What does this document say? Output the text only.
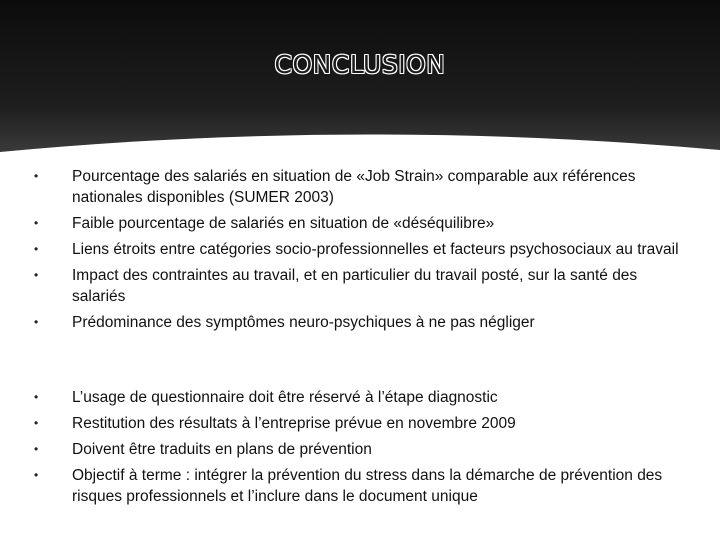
CONCLUSION
• Pourcentage des salariés en situation de «Job Strain» comparable aux références nationales disponibles (SUMER 2003)
• Faible pourcentage de salariés en situation de «déséquilibre»
• Liens étroits entre catégories socio-professionnelles et facteurs psychosociaux au travail
• Impact des contraintes au travail, et en particulier du travail posté, sur la santé des salariés
• Prédominance des symptômes neuro-psychiques à ne pas négliger
• L’usage de questionnaire doit être réservé à l’étape diagnostic
• Restitution des résultats à l’entreprise prévue en novembre 2009
• Doivent être traduits en plans de prévention
• Objectif à terme : intégrer la prévention du stress dans la démarche de prévention des risques professionnels et l’inclure dans le document unique
